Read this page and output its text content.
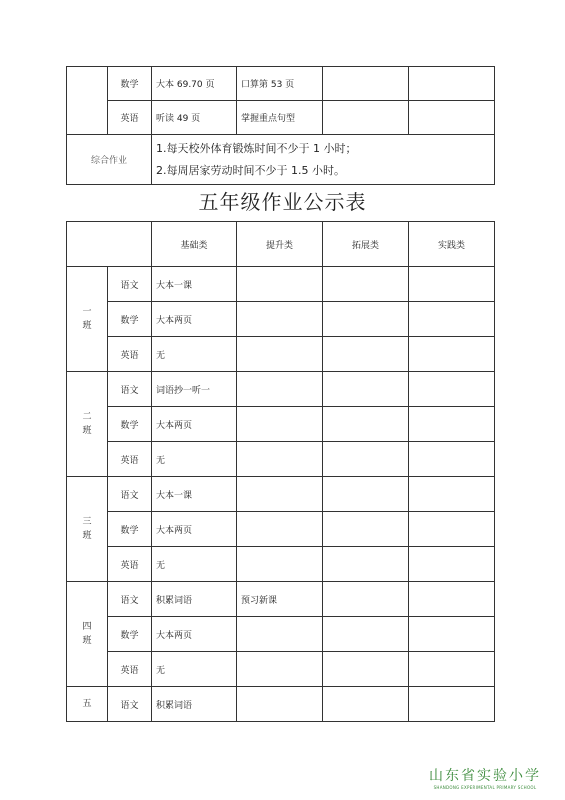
	数学	大本 69.70 页	口算第 53 页		
	英语	听读 49 页	掌握重点句型		
综合作业		1.每天校外体育锻炼时间不少于 1 小时；
2.每周居家劳动时间不少于 1.5 小时。			
五年级作业公示表
		基础类	提升类	拓展类	实践类

一
班	语文	大本一课			
	数学	大本两页			
	英语	无			

二
班	语文	词语抄一听一			
	数学	大本两页			
	英语	无			

三
班	语文	大本一课			
	数学	大本两页			
	英语	无			

四
班	语文	积累词语	预习新课		
	数学	大本两页			
	英语	无			

五	语文	积累词语			
山东省实验小学
SHANDONG EXPERIMENTAL PRIMARY SCHOOL
